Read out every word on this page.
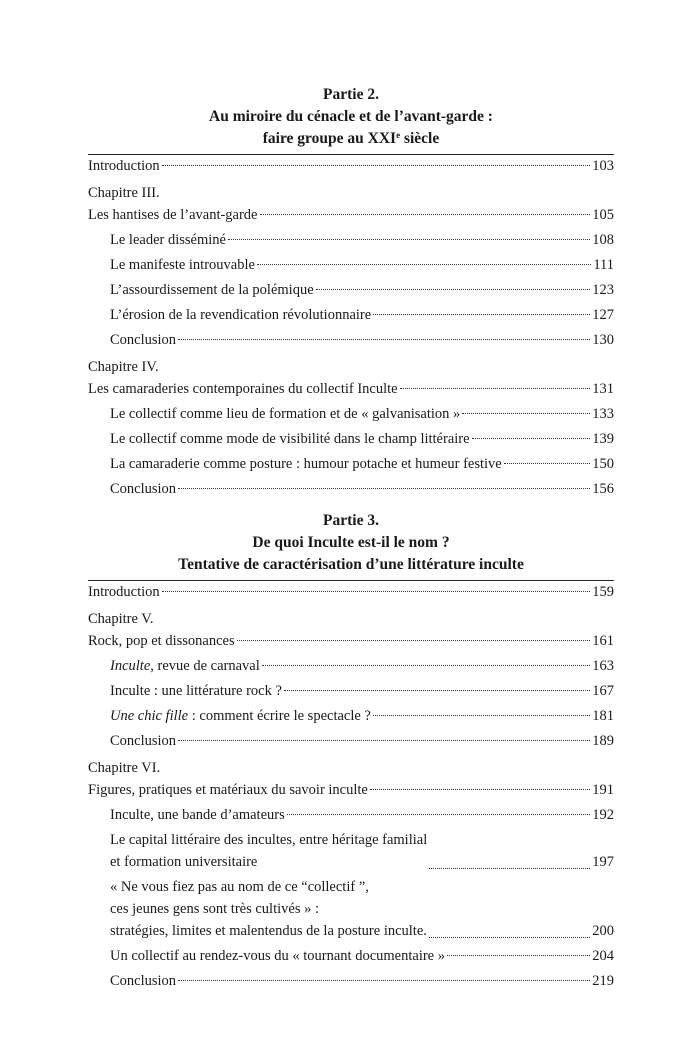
Partie 2.
Au miroire du cénacle et de l’avant-garde :
faire groupe au XXIe siècle
Introduction	103
Chapitre III.
Les hantises de l’avant-garde	105
Le leader disséminé	108
Le manifeste introuvable	111
L’assourdissement de la polémique	123
L’érosion de la revendication révolutionnaire	127
Conclusion	130
Chapitre IV.
Les camaraderies contemporaines du collectif Inculte	131
Le collectif comme lieu de formation et de « galvanisation »	133
Le collectif comme mode de visibilité dans le champ littéraire	139
La camaraderie comme posture : humour potache et humeur festive	150
Conclusion	156
Partie 3.
De quoi Inculte est-il le nom ?
Tentative de caractérisation d’une littérature inculte
Introduction	159
Chapitre V.
Rock, pop et dissonances	161
Inculte, revue de carnaval	163
Inculte : une littérature rock ?	167
Une chic fille : comment écrire le spectacle ?	181
Conclusion	189
Chapitre VI.
Figures, pratiques et matériaux du savoir inculte	191
Inculte, une bande d’amateurs	192
Le capital littéraire des incultes, entre héritage familial
et formation universitaire	197
« Ne vous fiez pas au nom de ce “collectif ”,
ces jeunes gens sont très cultivés » :
stratégies, limites et malentendus de la posture inculte.	200
Un collectif au rendez-vous du « tournant documentaire »	204
Conclusion	219
